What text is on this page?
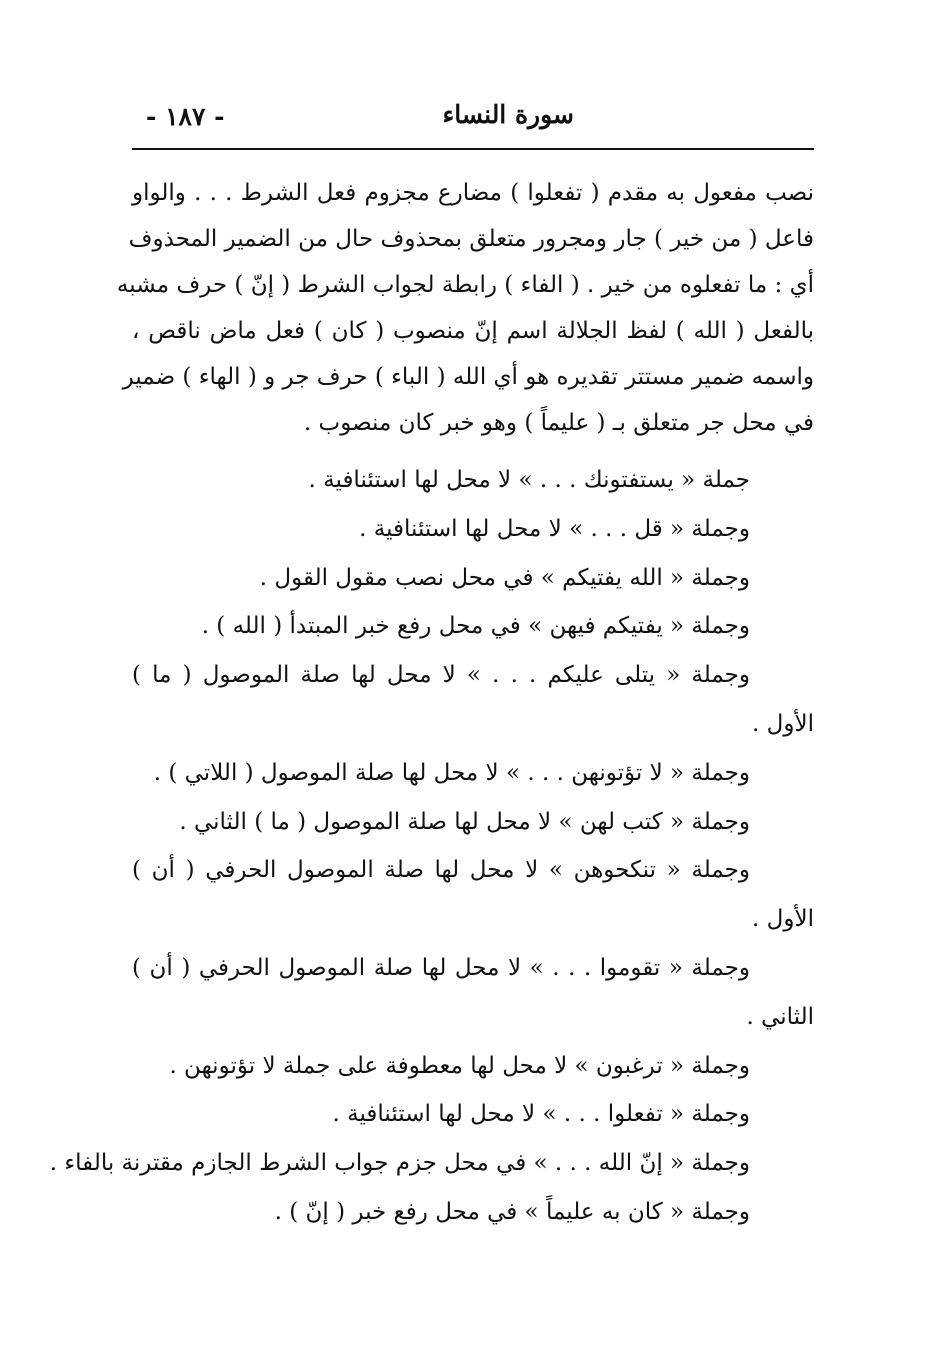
سورة النساء
- ١٨٧ -
نصب مفعول به مقدم ( تفعلوا ) مضارع مجزوم فعل الشرط . . . والواو
فاعل ( من خير ) جار ومجرور متعلق بمحذوف حال من الضمير المحذوف
أي : ما تفعلوه من خير . ( الفاء ) رابطة لجواب الشرط ( إنّ ) حرف مشبه
بالفعل ( الله ) لفظ الجلالة اسم إنّ منصوب ( كان ) فعل ماض ناقص ،
واسمه ضمير مستتر تقديره هو أي الله ( الباء ) حرف جر و ( الهاء ) ضمير
في محل جر متعلق بـ ( عليماً ) وهو خبر كان منصوب .
جملة « يستفتونك . . . » لا محل لها استئنافية .
وجملة « قل . . . » لا محل لها استئنافية .
وجملة « الله يفتيكم » في محل نصب مقول القول .
وجملة « يفتيكم فيهن » في محل رفع خبر المبتدأ ( الله ) .
وجملة « يتلى عليكم . . . » لا محل لها صلة الموصول ( ما )
الأول .
وجملة « لا تؤتونهن . . . » لا محل لها صلة الموصول ( اللاتي ) .
وجملة « كتب لهن » لا محل لها صلة الموصول ( ما ) الثاني .
وجملة « تنكحوهن » لا محل لها صلة الموصول الحرفي ( أن )
الأول .
وجملة « تقوموا . . . » لا محل لها صلة الموصول الحرفي ( أن )
الثاني .
وجملة « ترغبون » لا محل لها معطوفة على جملة لا تؤتونهن .
وجملة « تفعلوا . . . » لا محل لها استئنافية .
وجملة « إنّ الله . . . » في محل جزم جواب الشرط الجازم مقترنة بالفاء .
وجملة « كان به عليماً » في محل رفع خبر ( إنّ ) .
